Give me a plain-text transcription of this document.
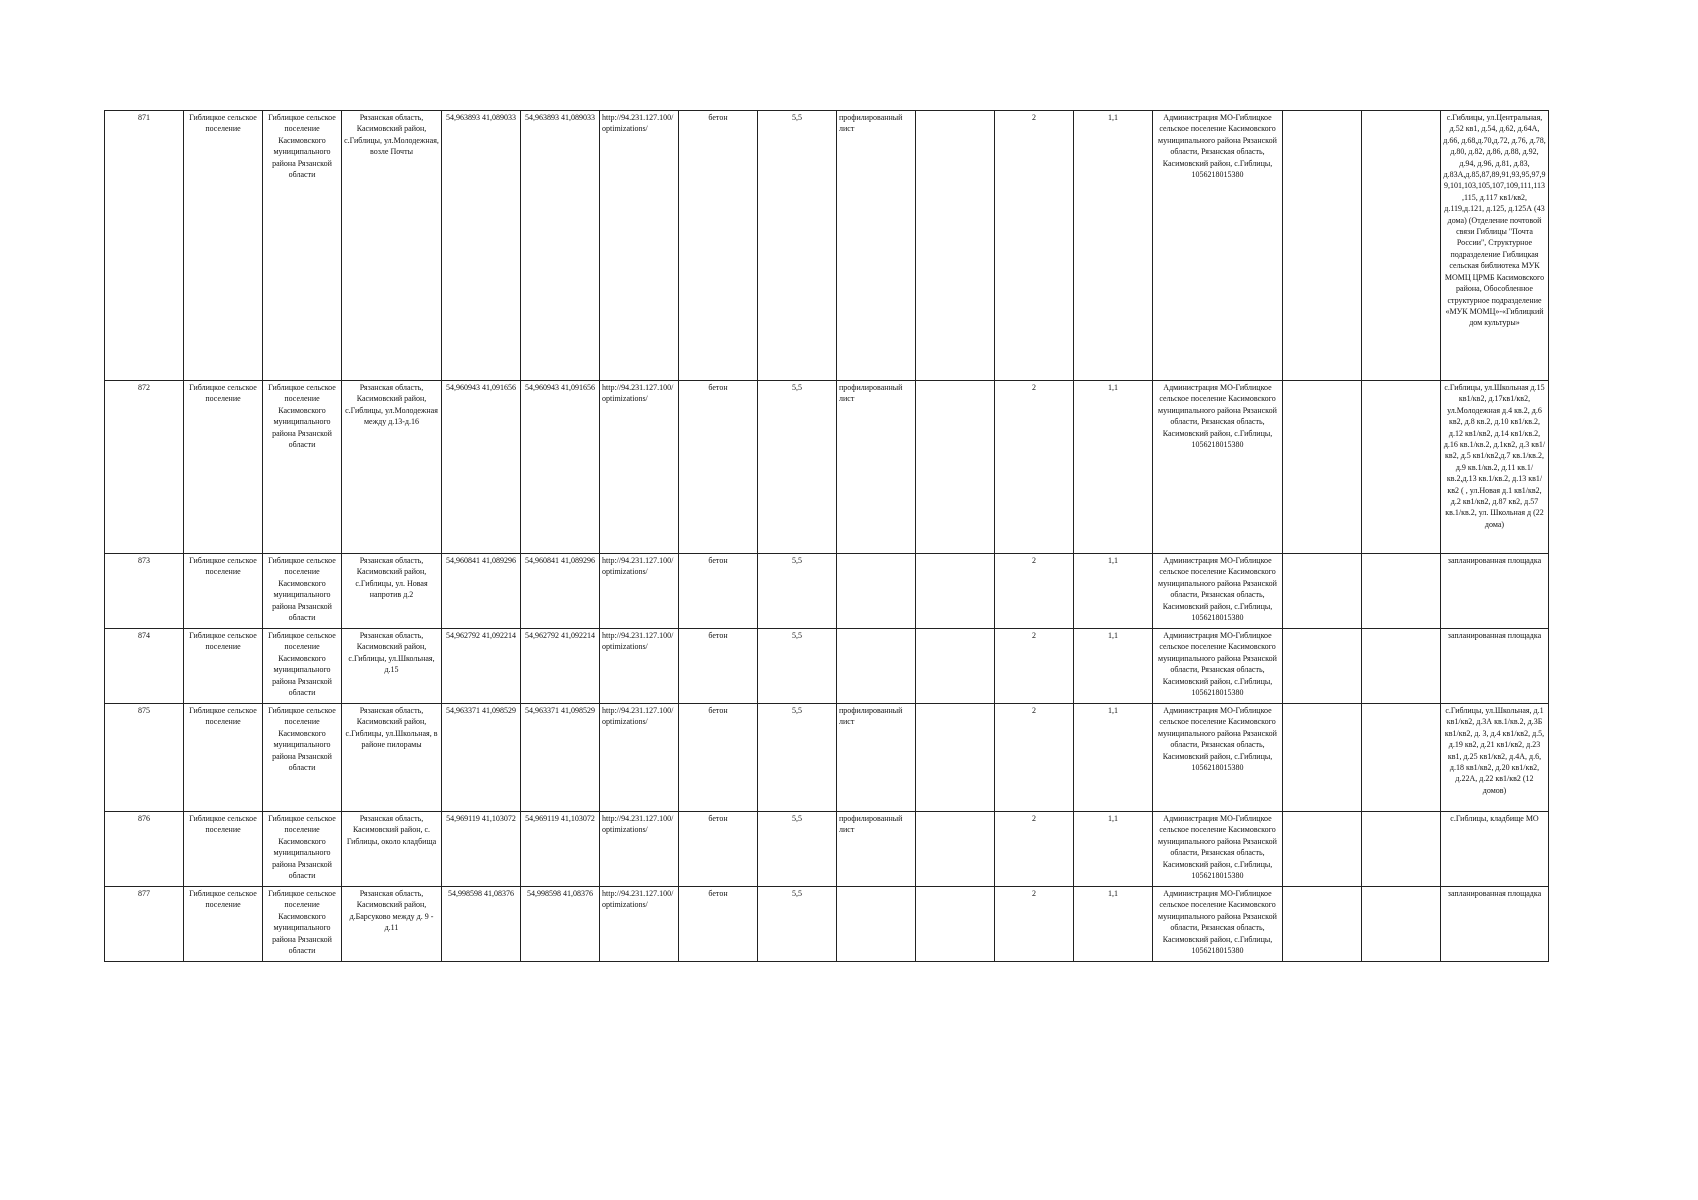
871	Гиблицкое сельское поселение	Гиблицкое сельское поселение Касимовского муниципального района Рязанской области	Рязанская область, Касимовский район, с.Гиблицы, ул.Молодежная, возле Почты	54,963893 41,089033	54,963893 41,089033	http://94.231.127.100/optimizations/	бетон	5,5	профилированный лист		2	1,1	Администрация МО-Гиблицкое сельское поселение Касимовского муниципального района Рязанской области, Рязанская область, Касимовский район, с.Гиблицы, 1056218015380			с.Гиблицы, ул.Центральная, д.52 кв1, д.54, д.62, д.64А, д.66, д.68,д.70,д.72, д.76, д.78, д.80, д.82, д.86, д.88, д.92, д.94, д.96, д.81, д.83, д.83А,д.85,87,89,91,93,95,97,99,101,103,105,107,109,111,113,115, д.117 кв1/кв2, д.119,д.121, д.125, д.125А (43 дома) (Отделение почтовой связи Гиблицы "Почта России", Структурное подразделение Гиблицкая сельская библиотека МУК МОМЦ ЦРМБ Касимовского района, Обособленное структурное подразделение «МУК МОМЦ»-«Гиблицкий дом культуры»
872	Гиблицкое сельское поселение	Гиблицкое сельское поселение Касимовского муниципального района Рязанской области	Рязанская область, Касимовский район, с.Гиблицы, ул.Молодежная между д.13-д.16	54,960943 41,091656	54,960943 41,091656	http://94.231.127.100/optimizations/	бетон	5,5	профилированный лист		2	1,1	Администрация МО-Гиблицкое сельское поселение Касимовского муниципального района Рязанской области, Рязанская область, Касимовский район, с.Гиблицы, 1056218015380			с.Гиблицы, ул.Школьная д.15 кв1/кв2, д.17кв1/кв2, ул.Молодежная д.4 кв.2, д.6 кв2, д.8 кв.2, д.10 кв1/кв.2, д.12 кв1/кв2, д.14 кв1/кв.2, д.16 кв.1/кв.2, д.1кв2, д.3 кв1/кв2, д.5 кв1/кв2,д.7 кв.1/кв.2, д.9 кв.1/кв.2, д.11 кв.1/кв.2,д.13 кв.1/кв.2, д.13 кв1/кв2 ( , ул.Новая д.1 кв1/кв2, д.2 кв1/кв2, д.87 кв2, д.57 кв.1/кв.2, ул. Школьная д (22 дома)
873	Гиблицкое сельское поселение	Гиблицкое сельское поселение Касимовского муниципального района Рязанской области	Рязанская область, Касимовский район, с.Гиблицы, ул. Новая напротив д.2	54,960841 41,089296	54,960841 41,089296	http://94.231.127.100/optimizations/	бетон	5,5			2	1,1	Администрация МО-Гиблицкое сельское поселение Касимовского муниципального района Рязанской области, Рязанская область, Касимовский район, с.Гиблицы, 1056218015380			запланированная площадка
874	Гиблицкое сельское поселение	Гиблицкое сельское поселение Касимовского муниципального района Рязанской области	Рязанская область, Касимовский район, с.Гиблицы, ул.Школьная, д.15	54,962792 41,092214	54,962792 41,092214	http://94.231.127.100/optimizations/	бетон	5,5			2	1,1	Администрация МО-Гиблицкое сельское поселение Касимовского муниципального района Рязанской области, Рязанская область, Касимовский район, с.Гиблицы, 1056218015380			запланированная площадка
875	Гиблицкое сельское поселение	Гиблицкое сельское поселение Касимовского муниципального района Рязанской области	Рязанская область, Касимовский район, с.Гиблицы, ул.Школьная, в районе пилорамы	54,963371 41,098529	54,963371 41,098529	http://94.231.127.100/optimizations/	бетон	5,5	профилированный лист		2	1,1	Администрация МО-Гиблицкое сельское поселение Касимовского муниципального района Рязанской области, Рязанская область, Касимовский район, с.Гиблицы, 1056218015380			с.Гиблицы, ул.Школьная, д.1 кв1/кв2, д.3А кв.1/кв.2, д.3Б кв1/кв2, д. 3, д.4 кв1/кв2, д.5, д.19 кв2, д.21 кв1/кв2, д.23 кв1, д.25 кв1/кв2, д.4А, д.6, д.18 кв1/кв2, д.20 кв1/кв2, д.22А, д.22 кв1/кв2 (12 домов)
876	Гиблицкое сельское поселение	Гиблицкое сельское поселение Касимовского муниципального района Рязанской области	Рязанская область, Касимовский район, с. Гиблицы, около кладбища	54,969119 41,103072	54,969119 41,103072	http://94.231.127.100/optimizations/	бетон	5,5	профилированный лист		2	1,1	Администрация МО-Гиблицкое сельское поселение Касимовского муниципального района Рязанской области, Рязанская область, Касимовский район, с.Гиблицы, 1056218015380			с.Гиблицы, кладбище МО
877	Гиблицкое сельское поселение	Гиблицкое сельское поселение Касимовского муниципального района Рязанской области	Рязанская область, Касимовский район, д.Барсуково между д. 9 - д.11	54,998598 41,08376	54,998598 41,08376	http://94.231.127.100/optimizations/	бетон	5,5			2	1,1	Администрация МО-Гиблицкое сельское поселение Касимовского муниципального района Рязанской области, Рязанская область, Касимовский район, с.Гиблицы, 1056218015380			запланированная площадка
